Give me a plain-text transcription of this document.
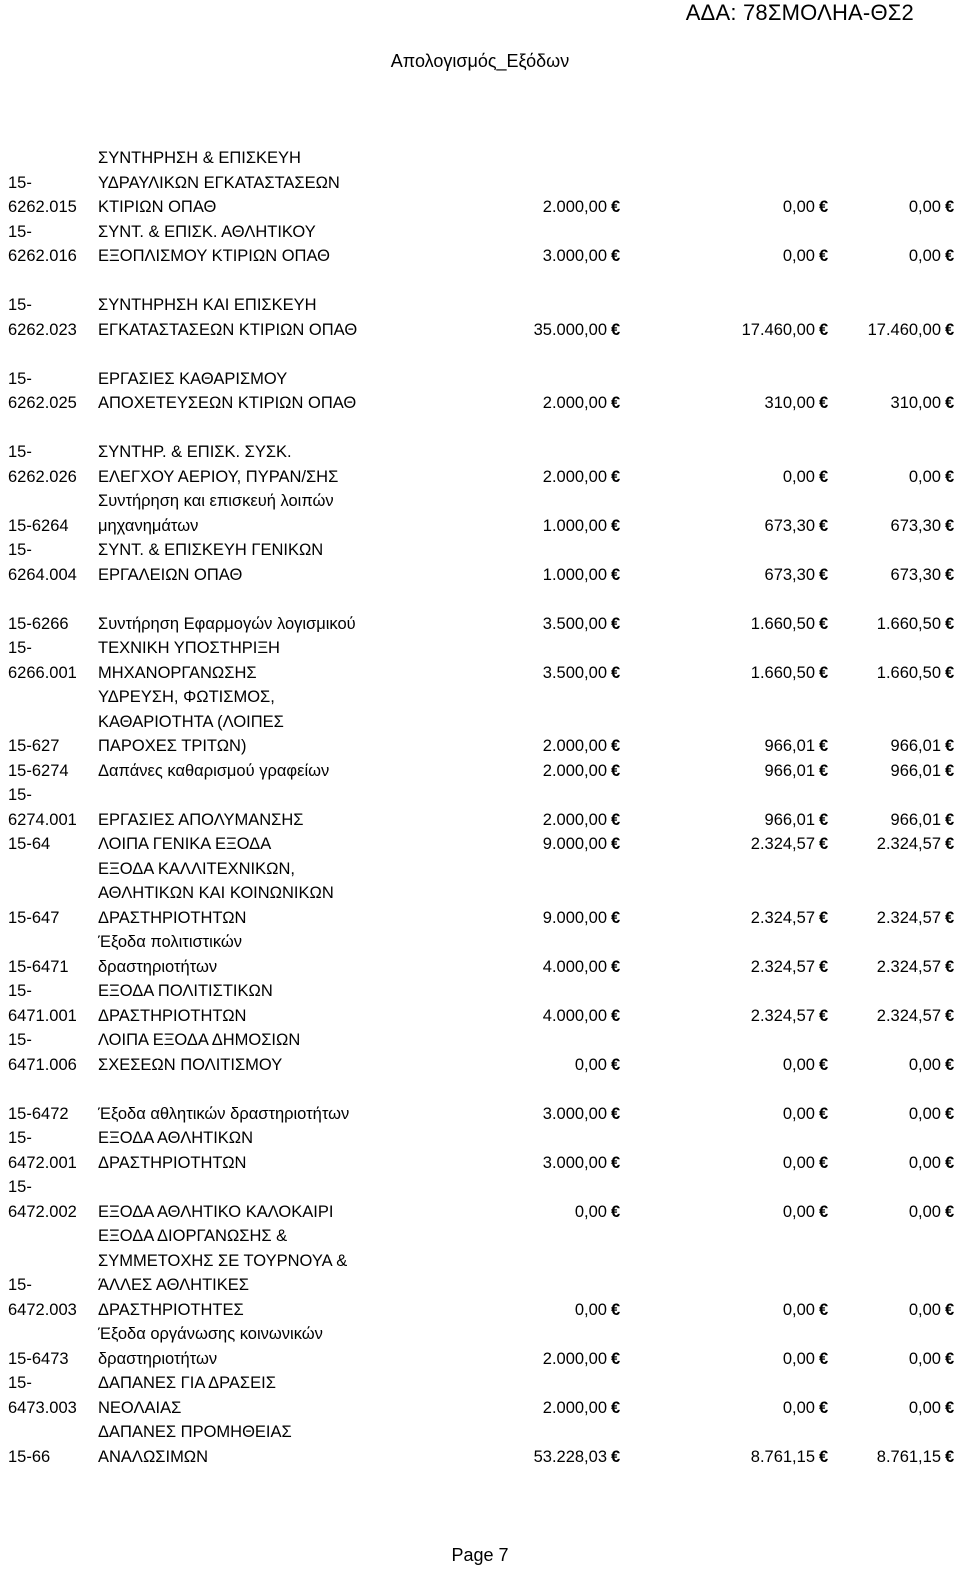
ΑΔΑ: 78ΣΜΟΛΗΑ-ΘΣ2
Απολογισμός_Εξόδων
15-
6262.015
ΣΥΝΤΗΡΗΣΗ & ΕΠΙΣΚΕΥΗ
ΥΔΡΑΥΛΙΚΩΝ ΕΓΚΑΤΑΣΤΑΣΕΩΝ
ΚΤΙΡΙΩΝ ΟΠΑΘ	2.000,00 €	0,00 €	0,00 €
15-
6262.016
ΣΥΝΤ. & ΕΠΙΣΚ. ΑΘΛΗΤΙΚΟΥ
ΕΞΟΠΛΙΣΜΟΥ ΚΤΙΡΙΩΝ ΟΠΑΘ	3.000,00 €	0,00 €	0,00 €

15-
6262.023

ΣΥΝΤΗΡΗΣΗ ΚΑΙ ΕΠΙΣΚΕΥΗ
ΕΓΚΑΤΑΣΤΑΣΕΩΝ ΚΤΙΡΙΩΝ ΟΠΑΘ	35.000,00 €	17.460,00 €	17.460,00 €

15-
6262.025

ΕΡΓΑΣΙΕΣ ΚΑΘΑΡΙΣΜΟΥ
ΑΠΟΧΕΤΕΥΣΕΩΝ ΚΤΙΡΙΩΝ ΟΠΑΘ	2.000,00 €	310,00 €	310,00 €

15-
6262.026

ΣΥΝΤΗΡ. & ΕΠΙΣΚ. ΣΥΣΚ.
ΕΛΕΓΧΟΥ ΑΕΡΙΟΥ, ΠΥΡΑΝ/ΣΗΣ	2.000,00 €	0,00 €	0,00 €
15-6264
Συντήρηση και επισκευή λοιπών
μηχανημάτων	1.000,00 €	673,30 €	673,30 €
15-
6264.004
ΣΥΝΤ. & ΕΠΙΣΚΕΥΗ ΓΕΝΙΚΩΝ
ΕΡΓΑΛΕΙΩΝ ΟΠΑΘ	1.000,00 €	673,30 €	673,30 €

15-6266	
Συντήρηση Εφαρμογών λογισμικού	3.500,00 €	1.660,50 €	1.660,50 €
15-
6266.001
ΤΕΧΝΙΚΗ ΥΠΟΣΤΗΡΙΞΗ
ΜΗΧΑΝΟΡΓΑΝΩΣΗΣ	3.500,00 €	1.660,50 €	1.660,50 €
15-627
ΥΔΡΕΥΣΗ, ΦΩΤΙΣΜΟΣ,
ΚΑΘΑΡΙΟΤΗΤΑ (ΛΟΙΠΕΣ
ΠΑΡΟΧΕΣ ΤΡΙΤΩΝ)	2.000,00 €	966,01 €	966,01 €
15-6274	Δαπάνες καθαρισμού γραφείων	2.000,00 €	966,01 €	966,01 €
15-
6274.001	ΕΡΓΑΣΙΕΣ ΑΠΟΛΥΜΑΝΣΗΣ	2.000,00 €	966,01 €	966,01 €
15-64	ΛΟΙΠΑ ΓΕΝΙΚΑ ΕΞΟΔΑ	9.000,00 €	2.324,57 €	2.324,57 €
15-647
ΕΞΟΔΑ ΚΑΛΛΙΤΕΧΝΙΚΩΝ,
ΑΘΛΗΤΙΚΩΝ ΚΑΙ ΚΟΙΝΩΝΙΚΩΝ
ΔΡΑΣΤΗΡΙΟΤΗΤΩΝ	9.000,00 €	2.324,57 €	2.324,57 €
15-6471
Έξοδα πολιτιστικών
δραστηριοτήτων	4.000,00 €	2.324,57 €	2.324,57 €
15-
6471.001
ΕΞΟΔΑ ΠΟΛΙΤΙΣΤΙΚΩΝ
ΔΡΑΣΤΗΡΙΟΤΗΤΩΝ	4.000,00 €	2.324,57 €	2.324,57 €
15-
6471.006
ΛΟΙΠΑ ΕΞΟΔΑ ΔΗΜΟΣΙΩΝ
ΣΧΕΣΕΩΝ ΠΟΛΙΤΙΣΜΟΥ	0,00 €	0,00 €	0,00 €

15-6472	
Έξοδα αθλητικών δραστηριοτήτων	3.000,00 €	0,00 €	0,00 €
15-
6472.001
ΕΞΟΔΑ ΑΘΛΗΤΙΚΩΝ
ΔΡΑΣΤΗΡΙΟΤΗΤΩΝ	3.000,00 €	0,00 €	0,00 €
15-
6472.002	
ΕΞΟΔΑ ΑΘΛΗΤΙΚΟ ΚΑΛΟΚΑΙΡΙ	0,00 €	0,00 €	0,00 €
15-
6472.003
ΕΞΟΔΑ ΔΙΟΡΓΑΝΩΣΗΣ &
ΣΥΜΜΕΤΟΧΗΣ ΣΕ ΤΟΥΡΝΟΥΑ &
ΆΛΛΕΣ ΑΘΛΗΤΙΚΕΣ
ΔΡΑΣΤΗΡΙΟΤΗΤΕΣ	0,00 €	0,00 €	0,00 €
15-6473
Έξοδα οργάνωσης κοινωνικών
δραστηριοτήτων	2.000,00 €	0,00 €	0,00 €
15-
6473.003
ΔΑΠΑΝΕΣ ΓΙΑ ΔΡΑΣΕΙΣ
ΝΕΟΛΑΙΑΣ	2.000,00 €	0,00 €	0,00 €
15-66
ΔΑΠΑΝΕΣ ΠΡΟΜΗΘΕΙΑΣ
ΑΝΑΛΩΣΙΜΩΝ	53.228,03 €	8.761,15 €	8.761,15 €
Page 7
